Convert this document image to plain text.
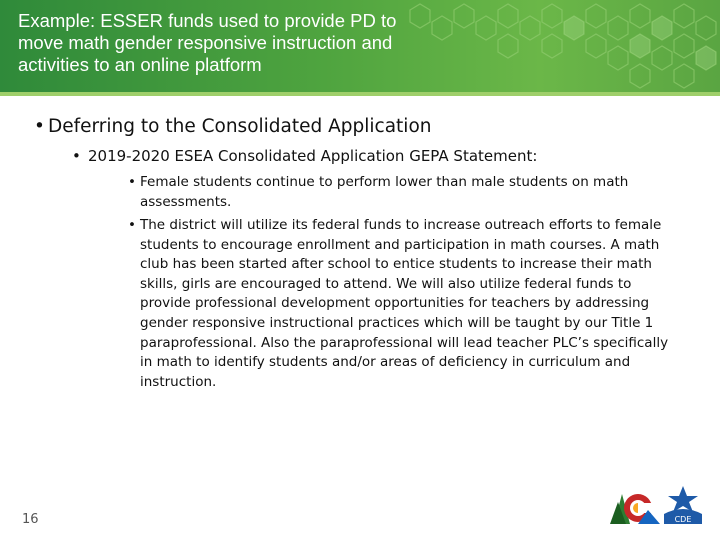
Example: ESSER funds used to provide PD to
move math gender responsive instruction and
activities to an online platform
• Deferring to the Consolidated Application
• 2019-2020 ESEA Consolidated Application GEPA Statement:
• Female students continue to perform lower than male students on math assessments.
• The district will utilize its federal funds to increase outreach efforts to female students to encourage enrollment and participation in math courses. A math club has been started after school to entice students to increase their math skills, girls are encouraged to attend. We will also utilize federal funds to provide professional development opportunities for teachers by addressing gender responsive instructional practices which will be taught by our Title 1 paraprofessional. Also the paraprofessional will lead teacher PLC’s specifically in math to identify students and/or areas of deficiency in curriculum and instruction.
16	CDE
